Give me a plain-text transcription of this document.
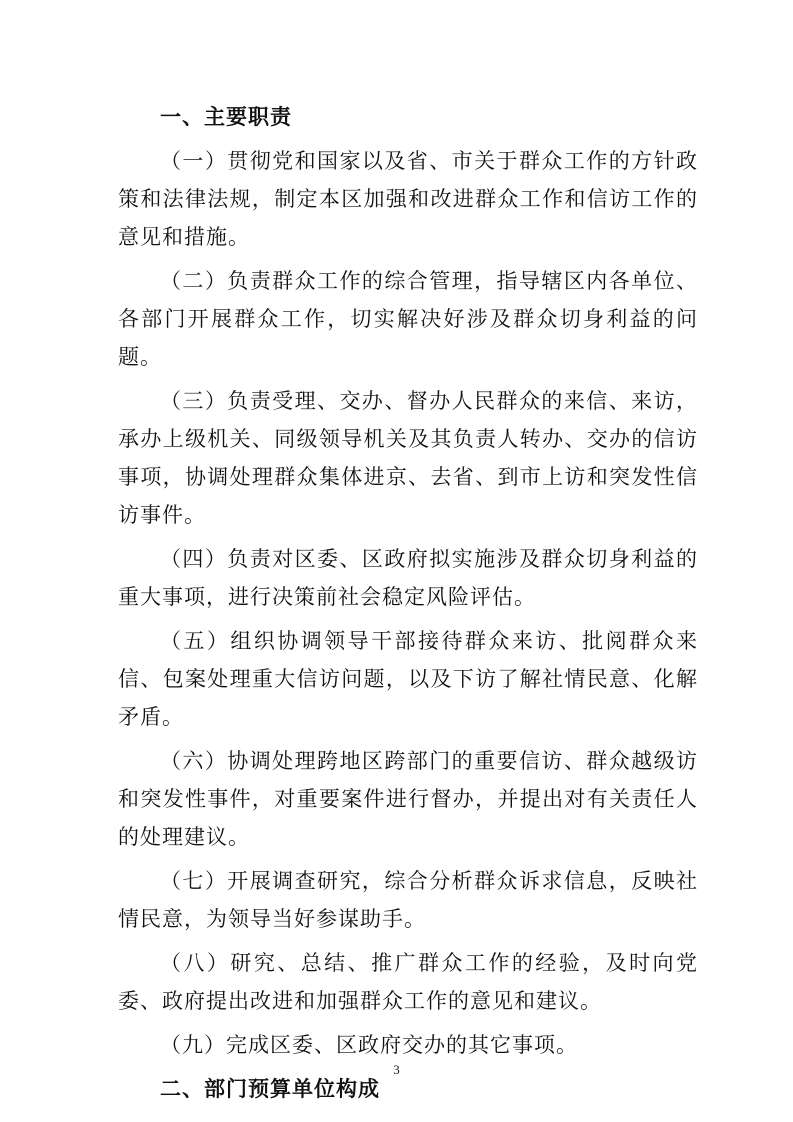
一、主要职责
（一）贯彻党和国家以及省、市关于群众工作的方针政策和法律法规，制定本区加强和改进群众工作和信访工作的意见和措施。
（二）负责群众工作的综合管理，指导辖区内各单位、各部门开展群众工作，切实解决好涉及群众切身利益的问题。
（三）负责受理、交办、督办人民群众的来信、来访，承办上级机关、同级领导机关及其负责人转办、交办的信访事项，协调处理群众集体进京、去省、到市上访和突发性信访事件。
（四）负责对区委、区政府拟实施涉及群众切身利益的重大事项，进行决策前社会稳定风险评估。
（五）组织协调领导干部接待群众来访、批阅群众来信、包案处理重大信访问题，以及下访了解社情民意、化解矛盾。
（六）协调处理跨地区跨部门的重要信访、群众越级访和突发性事件，对重要案件进行督办，并提出对有关责任人的处理建议。
（七）开展调查研究，综合分析群众诉求信息，反映社情民意，为领导当好参谋助手。
（八）研究、总结、推广群众工作的经验，及时向党委、政府提出改进和加强群众工作的意见和建议。
（九）完成区委、区政府交办的其它事项。
二、部门预算单位构成
3
